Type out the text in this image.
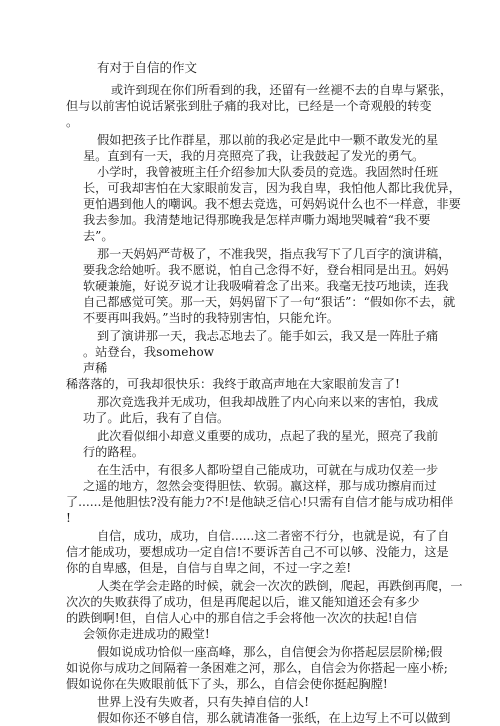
有对于自信的作文
或许到现在你们所看到的我，还留有一丝褪不去的自卑与紧张，
但与以前害怕说话紧张到肚子痛的我对比，已经是一个奇观般的转变
。
假如把孩子比作群星，那以前的我必定是此中一颗不敢发光的星
星。直到有一天，我的月亮照亮了我，让我鼓起了发光的勇气。
小学时，我曾被班主任介绍参加大队委员的竞选。我固然时任班
长，可我却害怕在大家眼前发言，因为我自卑，我怕他人都比我优异，
更怕遇到他人的嘲讽。我不想去竞选，可妈妈说什么也不一样意，非要
我去参加。我清楚地记得那晚我是怎样声嘶力竭地哭喊着“我不要
去”。
那一天妈妈严苛极了，不准我哭，指点我写下了几百字的演讲稿，
要我念给她听。我不愿说，怕自己念得不好，登台相同是出丑。妈妈
软硬兼施，好说歹说才让我吸嗬着念了出来。我毫无技巧地读，连我
自己都感觉可笑。那一天，妈妈留下了一句“狠话”：“假如你不去，就
不要再叫我妈。”当时的我特别害怕，只能允许。
到了演讲那一天，我忐忑地去了。能手如云，我又是一阵肚子痛
。站登台，我somehow
声稀
稀落落的，可我却很快乐：我终于敢高声地在大家眼前发言了!
那次竞选我并无成功，但我却战胜了内心向来以来的害怕，我成
功了。此后，我有了自信。
此次看似细小却意义重要的成功，点起了我的星光，照亮了我前
行的路程。
在生活中，有很多人都吩望自己能成功，可就在与成功仅差一步
之遥的地方，忽然会变得胆怯、软弱。嬴这样，那与成功擦肩而过
了......是他胆怯?没有能力?不!是他缺乏信心!只需有自信才能与成功相伴
!
自信，成功，成功，自信......这二者密不行分，也就是说，有了自
信才能成功，要想成功一定自信!不要诉苦自己不可以够、没能力，这是
你的自卑感，但是，自信与自卑之间，不过一字之差!
人类在学会走路的时候，就会一次次的跌倒，爬起，再跌倒再爬，一
次次的失败获得了成功，但是再爬起以后，谁又能知道还会有多少
的跌倒啊!但，自信人心中的那自信之手会将他一次次的扶起!自信
会领你走进成功的殿堂!
假如说成功恰似一座高峰，那么，自信便会为你搭起层层阶梯;假
如说你与成功之间隔着一条困难之河，那么，自信会为你搭起一座小桥;
假如说你在失败眼前低下了头，那么，自信会使你挺起胸膛!
世界上没有失败者，只有失掉自信的人!
假如你还不够自信，那么就请准备一张纸，在上边写上不可以做到
